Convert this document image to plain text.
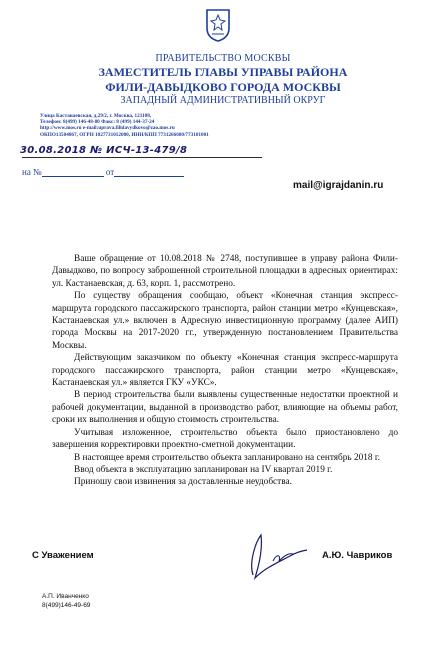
ПРАВИТЕЛЬСТВО МОСКВЫ
ЗАМЕСТИТЕЛЬ ГЛАВЫ УПРАВЫ РАЙОНА
ФИЛИ-ДАВЫДКОВО ГОРОДА МОСКВЫ
ЗАПАДНЫЙ АДМИНИСТРАТИВНЫЙ ОКРУГ
Улица Кастанаевская, д.29/2, г. Москва, 121108,
Телефон: 8(499) 146-48-80 Факс: 8 (499) 144-37-24
http://www.mos.ru e-mail:uprava.filidavydkovo@zao.mos.ru
ОКПО13504867, ОГРН 1027731012000, ИНН/КПП 7731266680/773101001
30.08.2018 № ИСЧ-13-479/8
на №	от
mail@igrajdanin.ru

Ваше обращение от 10.08.2018 № 2748, поступившее в управу района Фили-Давыдково, по вопросу заброшенной строительной площадки в адресных ориентирах: ул. Кастанаевская, д. 63, корп. 1, рассмотрено.

По существу обращения сообщаю, объект «Конечная станция экспресс-маршрута городского пассажирского транспорта, район станции метро «Кунцевская», Кастанаевская ул.» включен в Адресную инвестиционную программу (далее АИП) города Москвы на 2017-2020 гг., утвержденную постановлением Правительства Москвы.

Действующим заказчиком по объекту «Конечная станция экспресс-маршрута городского пассажирского транспорта, район станции метро «Кунцевская», Кастанаевская ул.» является ГКУ «УКС».

В период строительства были выявлены существенные недостатки проектной и рабочей документации, выданной в производство работ, влияющие на объемы работ, сроки их выполнения и общую стоимость строительства.

Учитывая изложенное, строительство объекта было приостановлено до завершения корректировки проектно-сметной документации.

В настоящее время строительство объекта запланировано на сентябрь 2018 г.

Ввод объекта в эксплуатацию запланирован на IV квартал 2019 г.

Приношу свои извинения за доставленные неудобства.

С Уважением	А.Ю. Чавриков
А.П. Иванченко
8(499)146-49-69
